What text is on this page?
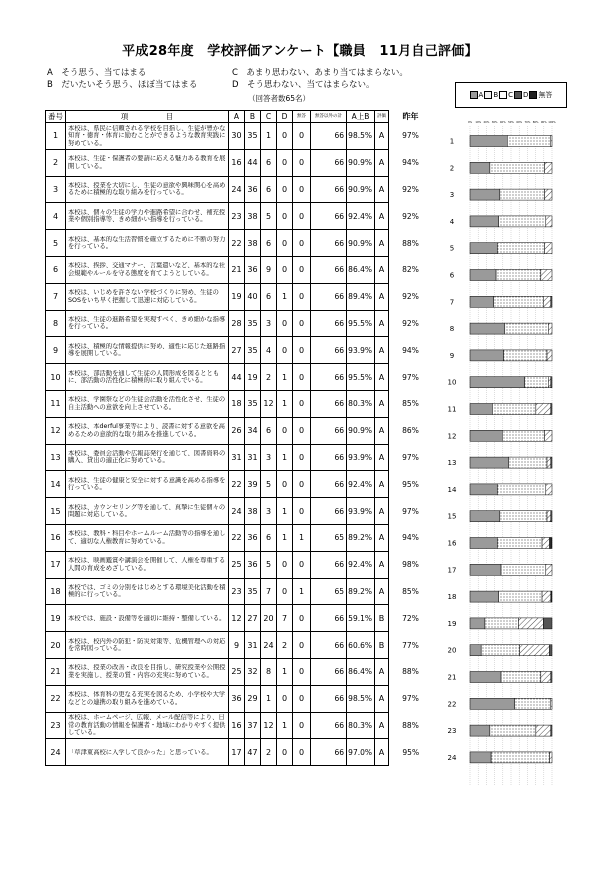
平成28年度　学校評価アンケート【職員　11月自己評価】
A　そう思う、当てはまる	C　あまり思わない、あまり当てはまらない。
B　だいたいそう思う、ほぼ当てはまる	D　そう思わない、当てはまらない。
（回答者数65名）
番号	項　　　　　目	A	B	C	D	無答	無答以外の計	A上B	評価	昨年
1	本校は、県民に信頼される学校を目指し、生徒が豊かな知育・徳育・体育に励むことができるような教育実践に努めている。	30	35	1	0	0	66	98.5%	A	97%
2	本校は、生徒・保護者の要請に応える魅力ある教育を展開している。	16	44	6	0	0	66	90.9%	A	94%
3	本校は、授業を大切にし、生徒の意欲や興味関心を高めるために積極的な取り組みを行っている。	24	36	6	0	0	66	90.9%	A	92%
4	本校は、個々の生徒の学力や進路希望に合わせ、補充授業や個別指導等、きめ細かい指導を行っている。	23	38	5	0	0	66	92.4%	A	92%
5	本校は、基本的な生活習慣を確立するために不断の努力を行っている。	22	38	6	0	0	66	90.9%	A	88%
6	本校は、挨拶、交通マナー、言葉遣いなど、基本的な社会規範やルールを守る態度を育てようとしている。	21	36	9	0	0	66	86.4%	A	82%
7	本校は、いじめを許さない学校づくりに努め、生徒のSOSをいち早く把握して迅速に対応している。	19	40	6	1	0	66	89.4%	A	92%
8	本校は、生徒の進路希望を実現すべく、きめ細かな指導を行っている。	28	35	3	0	0	66	95.5%	A	92%
9	本校は、積極的な情報提供に努め、適性に応じた進路指導を展開している。	27	35	4	0	0	66	93.9%	A	94%
10	本校は、部活動を通して生徒の人間形成を図るとともに、部活動の活性化に積極的に取り組んでいる。	44	19	2	1	0	66	95.5%	A	97%
11	本校は、学園祭などの生徒会活動を活性化させ、生徒の自主活動への意欲を向上させている。	18	35	12	1	0	66	80.3%	A	85%
12	本校は、本derful事業等により、読書に対する意欲を高めるための意欲的な取り組みを推進している。	26	34	6	0	0	66	90.9%	A	86%
13	本校は、委員会活動や広報誌発行を通じて、図書資料の購入、貸出の適正化に努めている。	31	31	3	1	0	66	93.9%	A	97%
14	本校は、生徒の健康と安全に対する意識を高める指導を行っている。	22	39	5	0	0	66	92.4%	A	95%
15	本校は、カウンセリング等を通して、真摯に生徒個々の問題に対応している。	24	38	3	1	0	66	93.9%	A	97%
16	本校は、教科・科目やホームルーム活動等の指導を通して、適切な人権教育に努めている。	22	36	6	1	1	65	89.2%	A	94%
17	本校は、映画鑑賞や講演会を開催して、人権を尊重する人間の育成をめざしている。	25	36	5	0	0	66	92.4%	A	98%
18	本校では、ゴミの分別をはじめとする環境美化活動を積極的に行っている。	23	35	7	0	1	65	89.2%	A	85%
19	本校では、施設・設備等を適切に維持・整備している。	12	27	20	7	0	66	59.1%	B	72%
20	本校は、校内外の防犯・防災対策等、危機管理への対応を常時図っている。	9	31	24	2	0	66	60.6%	B	77%
21	本校は、授業の改善・改良を目指し、研究授業や公開授業を実施し、授業の質・内容の充実に努めている。	25	32	8	1	0	66	86.4%	A	88%
22	本校は、体育科の更なる充実を図るため、小学校や大学などとの連携の取り組みを進めている。	36	29	1	0	0	66	98.5%	A	97%
23	本校は、ホームページ、広報、メール配信等により、日常の教育活動の情報を保護者・地域にわかりやすく提供している。	16	37	12	1	0	66	80.3%	A	88%
24	「草津東高校に入学して良かった」と思っている。	17	47	2	0	0	66	97.0%	A	95%
A B C D 無答
0% 10% 20% 30% 40% 50% 60% 70% 80% 90% 100%
1
2
3
4
5
6
7
8
9
10
11
12
13
14
15
16
17
18
19
20
21
22
23
24
